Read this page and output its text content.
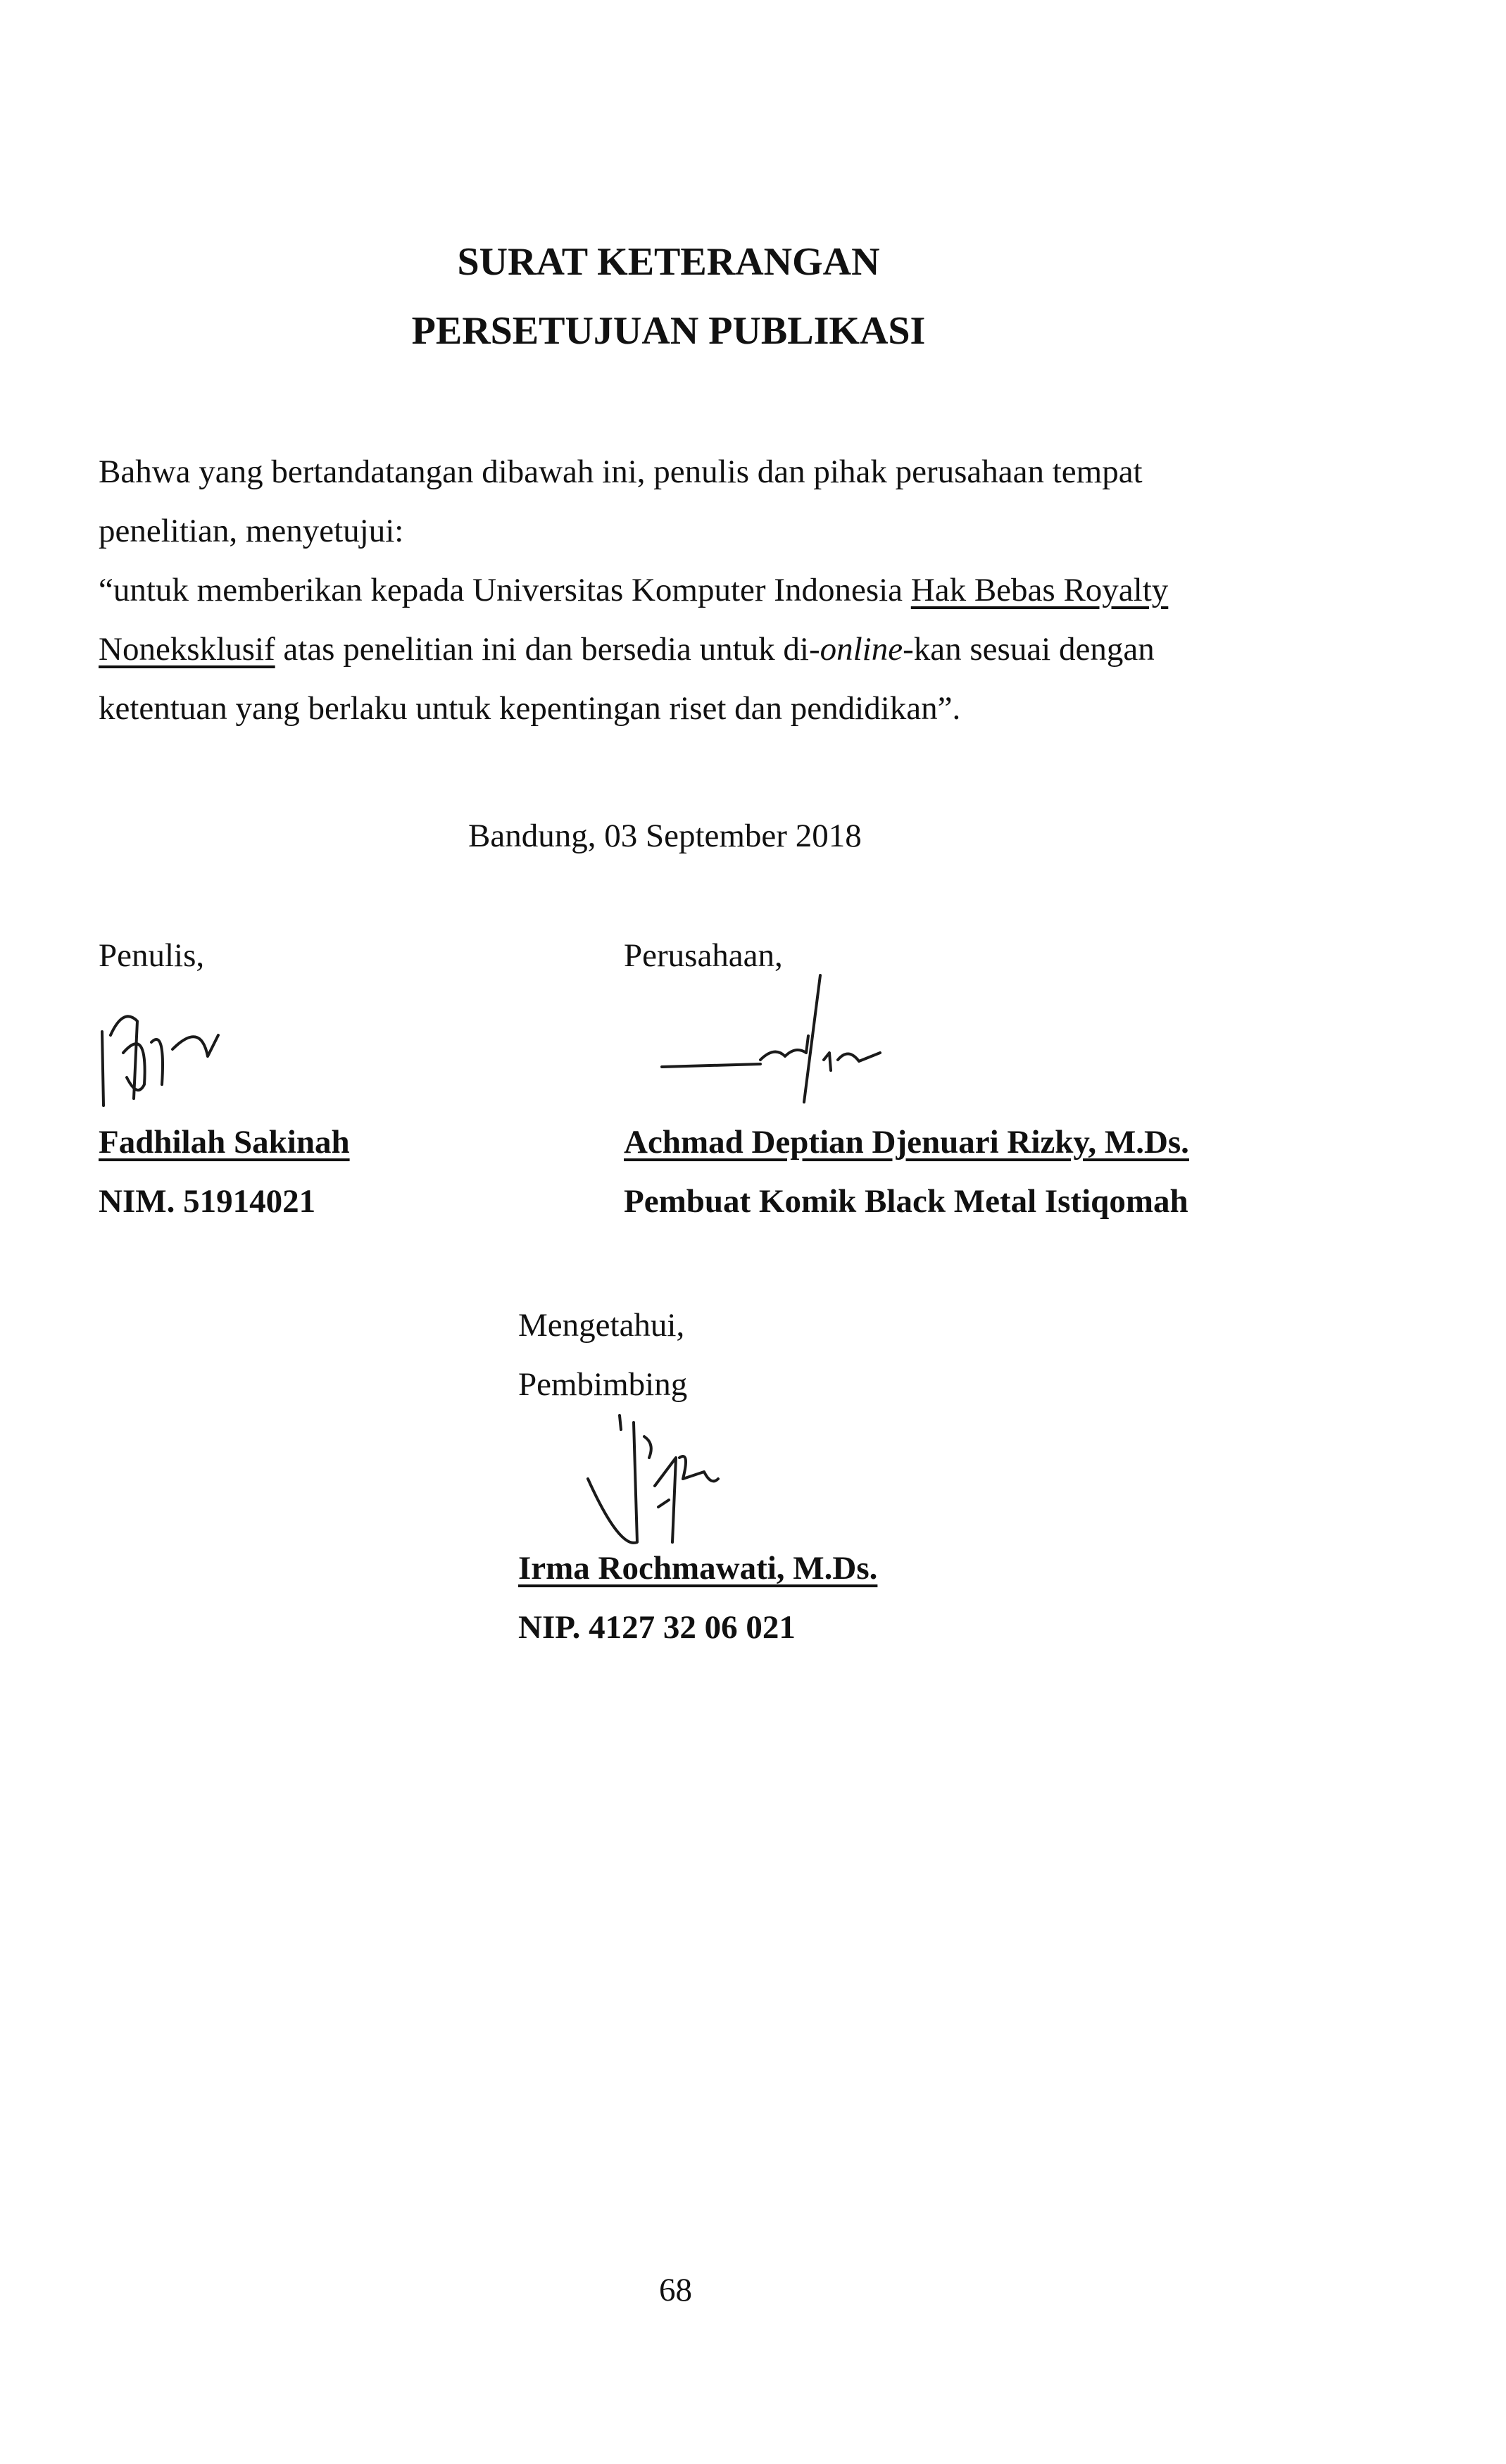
SURAT KETERANGAN
PERSETUJUAN PUBLIKASI
Bahwa yang bertandatangan dibawah ini, penulis dan pihak perusahaan tempat
penelitian, menyetujui:
“untuk memberikan kepada Universitas Komputer Indonesia Hak Bebas Royalty
Noneksklusif atas penelitian ini dan bersedia untuk di-online-kan sesuai dengan
ketentuan yang berlaku untuk kepentingan riset dan pendidikan”.
Bandung, 03 September 2018
Penulis,
Fadhilah Sakinah
NIM. 51914021
Perusahaan,
Achmad Deptian Djenuari Rizky, M.Ds.
Pembuat Komik Black Metal Istiqomah
Mengetahui,
Pembimbing
Irma Rochmawati, M.Ds.
NIP. 4127 32 06 021
68
